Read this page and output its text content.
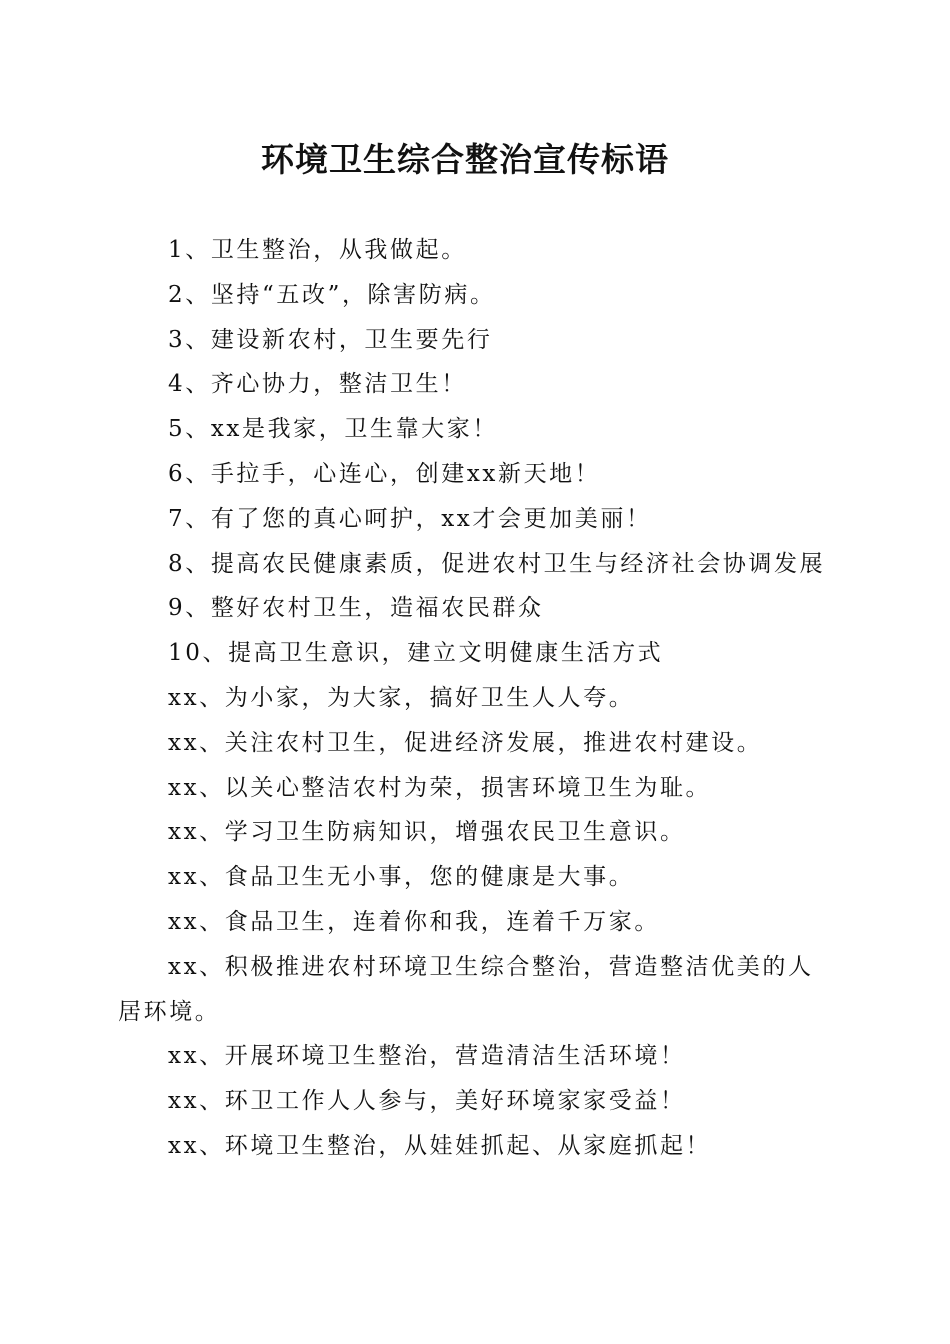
环境卫生综合整治宣传标语
1、卫生整治，从我做起。
2、坚持“五改”，除害防病。
3、建设新农村，卫生要先行
4、齐心协力，整洁卫生！
5、xx是我家，卫生靠大家！
6、手拉手，心连心，创建xx新天地！
7、有了您的真心呵护，xx才会更加美丽！
8、提高农民健康素质，促进农村卫生与经济社会协调发展
9、整好农村卫生，造福农民群众
10、提高卫生意识，建立文明健康生活方式
xx、为小家，为大家，搞好卫生人人夸。
xx、关注农村卫生，促进经济发展，推进农村建设。
xx、以关心整洁农村为荣，损害环境卫生为耻。
xx、学习卫生防病知识，增强农民卫生意识。
xx、食品卫生无小事，您的健康是大事。
xx、食品卫生，连着你和我，连着千万家。
xx、积极推进农村环境卫生综合整治，营造整洁优美的人居环境。
xx、开展环境卫生整治，营造清洁生活环境！
xx、环卫工作人人参与，美好环境家家受益！
xx、环境卫生整治，从娃娃抓起、从家庭抓起！
